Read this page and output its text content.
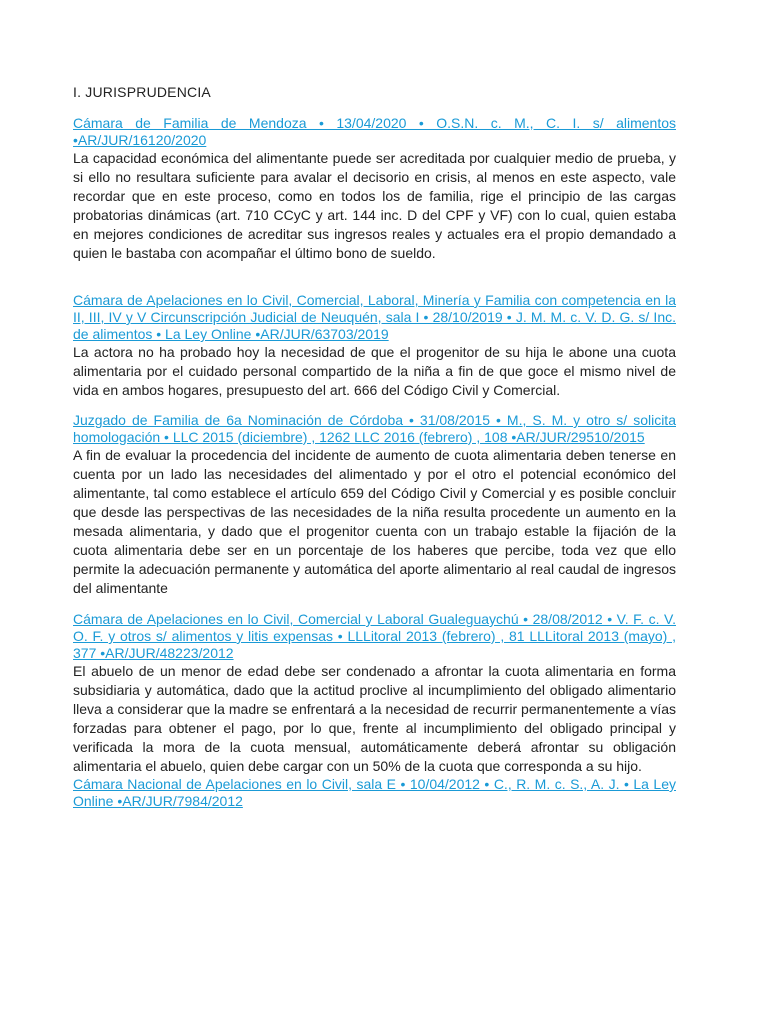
I. JURISPRUDENCIA
Cámara de Familia de Mendoza • 13/04/2020 • O.S.N. c. M., C. I. s/ alimentos •AR/JUR/16120/2020

La capacidad económica del alimentante puede ser acreditada por cualquier medio de prueba, y si ello no resultara suficiente para avalar el decisorio en crisis, al menos en este aspecto, vale recordar que en este proceso, como en todos los de familia, rige el principio de las cargas probatorias dinámicas (art. 710 CCyC y art. 144 inc. D del CPF y VF) con lo cual, quien estaba en mejores condiciones de acreditar sus ingresos reales y actuales era el propio demandado a quien le bastaba con acompañar el último bono de sueldo.

Cámara de Apelaciones en lo Civil, Comercial, Laboral, Minería y Familia con competencia en la II, III, IV y V Circunscripción Judicial de Neuquén, sala I • 28/10/2019 • J. M. M. c. V. D. G. s/ Inc. de alimentos • La Ley Online •AR/JUR/63703/2019

La actora no ha probado hoy la necesidad de que el progenitor de su hija le abone una cuota alimentaria por el cuidado personal compartido de la niña a fin de que goce el mismo nivel de vida en ambos hogares, presupuesto del art. 666 del Código Civil y Comercial.

Juzgado de Familia de 6a Nominación de Córdoba • 31/08/2015 • M., S. M. y otro s/ solicita homologación • LLC 2015 (diciembre) , 1262 LLC 2016 (febrero) , 108 •AR/JUR/29510/2015

A fin de evaluar la procedencia del incidente de aumento de cuota alimentaria deben tenerse en cuenta por un lado las necesidades del alimentado y por el otro el potencial económico del alimentante, tal como establece el artículo 659 del Código Civil y Comercial y es posible concluir que desde las perspectivas de las necesidades de la niña resulta procedente un aumento en la mesada alimentaria, y dado que el progenitor cuenta con un trabajo estable la fijación de la cuota alimentaria debe ser en un porcentaje de los haberes que percibe, toda vez que ello permite la adecuación permanente y automática del aporte alimentario al real caudal de ingresos del alimentante

Cámara de Apelaciones en lo Civil, Comercial y Laboral Gualeguaychú • 28/08/2012 • V. F. c. V. O. F. y otros s/ alimentos y litis expensas • LLLitoral 2013 (febrero) , 81 LLLitoral 2013 (mayo) , 377 •AR/JUR/48223/2012

El abuelo de un menor de edad debe ser condenado a afrontar la cuota alimentaria en forma subsidiaria y automática, dado que la actitud proclive al incumplimiento del obligado alimentario lleva a considerar que la madre se enfrentará a la necesidad de recurrir permanentemente a vías forzadas para obtener el pago, por lo que, frente al incumplimiento del obligado principal y verificada la mora de la cuota mensual, automáticamente deberá afrontar su obligación alimentaria el abuelo, quien debe cargar con un 50% de la cuota que corresponda a su hijo.

Cámara Nacional de Apelaciones en lo Civil, sala E • 10/04/2012 • C., R. M. c. S., A. J. • La Ley Online •AR/JUR/7984/2012
